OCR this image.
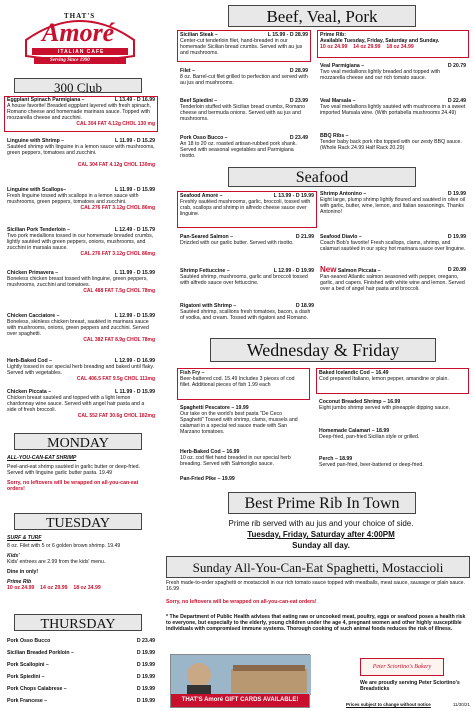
THAT'S
Amoré
ITALIAN CAFE
Serving Since 1990
300 Club
Eggplant Spinach Parmigiana –	L 13.49 - D 16.99
A house favorite! Breaded eggplant layered with fresh spinach, Romano cheese and homemade marinara sauce. Topped with mozzarella cheese and zucchini.
CAL 304 FAT 4.12g CHOL 130 mg
Linguine with Shrimp –	L 11.99 - D 15.29
Sautéed shrimp with linguine in a lemon sauce with mushrooms, green peppers, tomatoes and zucchini.
CAL 304 FAT 4.12g CHOL 130mg
Linguine with Scallops–	L 11.99 - D 15.99
Fresh linguine tossed with scallops in a lemon sauce with mushrooms, green peppers, tomatoes and zucchini.
CAL 276 FAT 3.12g CHOL 86mg
Sicilian Pork Tenderloin –	L 12.49 - D 15.79
Two pork medallions tossed in our homemade breaded crumbs, lightly sautéed with green peppers, onions, mushrooms, and zucchini in marsala sauce.
CAL 276 FAT 3.12g CHOL 86mg
Chicken Primavera –	L 11.99 - D 15.99
Boneless chicken breast tossed with linguine, green peppers, mushrooms, zucchini and tomatoes.
CAL 488 FAT 7.5g CHOL 78mg
Chicken Cacciatore –	L 12.99 - D 15.99
Boneless, skinless chicken breast, sautéed in marinara sauce with mushrooms, onions, green peppers and zucchini. Served over spaghetti.
CAL 382 FAT 8.9g CHOL 78mg
Herb-Baked Cod –	L 12.99 - D 16.99
Lightly tossed in our special herb breading and baked until flaky. Served with vegetables.
CAL 406.5 FAT 9.5g CHOL 111mg
Chicken Piccata –	L 11.99 - D 15.99
Chicken breast sautéed and topped with a light lemon chardonnay wine sauce. Served with angel hair pasta and a side of fresh broccoli.
CAL 552 FAT 30.6g CHOL 182mg
MONDAY
ALL-YOU-CAN-EAT SHRIMP
Peel-and-eat shrimp sautéed in garlic butter or deep-fried. Served with linguine garlic butter pasta. 19.49
Sorry, no leftovers will be wrapped on all-you-can-eat orders!
TUESDAY
SURF & TURF
8 oz. Filet with 5 or 6 golden brown shrimp. 19.49
Kids'
Kids' entrees are 2.99 from the kids' menu.
Dine in only!
Prime Rib
10 oz 24.99    14 oz 29.99    18 oz 34.99
THURSDAY
Pork Osso Bucco	D 23.49
Sicilian Breaded Porkloin –	D 19.99
Pork Scallopini –	D 19.99
Pork Spiedini –	D 19.99
Pork Chops Calabrese –	D 19.99
Pork Francese –	D 19.99
Beef, Veal, Pork
Sicilian Steak –	L 15.99 - D 28.99
Center-cut tenderloin filet, hand-breaded in our homemade Sicilian bread crumbs. Served with au jus and mushrooms.
Filet –	D 28.99
8 oz. Barrel-cut filet grilled to perfection and served with au jus and mushrooms.
Beef Spiedini –	D 23.99
Tenderloin stuffed with Sicilian bread crumbs, Romano cheese and bermuda onions. Served with au jus and mushrooms.
Pork Osso Bucco –	D 23.49
An 18 to 20 oz. roasted artisan-rubbed pork shank. Served with seasonal vegetables and Parmigiana risotto.
Prime Rib:
Available Tuesday, Friday, Saturday and Sunday.
10 oz 24.99    14 oz 29.99    18 oz 34.99
Veal Parmigiana –	D 20.79
Two veal medallions lightly breaded and topped with mozzarella cheese and our rich tomato sauce.
Veal Marsala –	D 22.49
Two veal medallions lightly sautéed with mushrooms in a sweet imported Marsala wine. (With portabella mushrooms 24.49)
BBQ Ribs –
Tender baby back pork ribs topped with our zesty BBQ sauce. (Whole Rack 24.99 Half Rack 20.29)
Seafood
Seafood Amoré –	L 13.99 - D 19.99
Freshly sautéed mushrooms, garlic, broccoli, tossed with crab, scallops and shrimp in alfredo cheese sauce over linguine.
Pan-Seared Salmon –	D 21.99
Drizzled with our garlic butter. Served with risotto.
Shrimp Fettuccine –	L 12.99 - D 19.99
Sautéed shrimp, mushrooms, garlic and broccoli tossed with alfredo sauce over fettuccine.
Rigatoni with Shrimp –	D 18.99
Sautéed shrimp, scallions fresh tomatoes, bacon, a dash of vodka, and cream. Tossed with rigatoni and Romano.
Shrimp Antonino –	D 19.99
Eight large, plump shrimp lightly floured and sautéed in olive oil with garlic, butter, wine, lemon, and Italian seasonings. Thanks Antonino!
Seafood Diavlo –	D 19.99
Coach Bob's favorite! Fresh scallops, clams, shrimp, and calamari sautéed in our spicy hot marinara sauce over linguine.
New Salmon Piccata –	D 20.99
Pan-seared Atlantic salmon seasoned with pepper, oregano, garlic, and capers. Finished with white wine and lemon. Served over a bed of angel hair pasta and broccoli.
Wednesday & Friday
Fish Fry –
Beer-battered cod. 15.49 Includes 3 pieces of cod fillet. Additional pieces of fish 1.99 each
Spaghetti Pescatore – 19.99
Our take on the world's best pasta "De Ceco Spaghetti" Tossed with shrimp, clams, mussels and calamari in a special red sauce made with San Marzano tomatoes.
Herb-Baked Cod – 16.99
10 oz. cod filet hand breaded in our special herb breading. Served with Salmoriglio sauce.
Pan-Fried Pike – 19.99
Baked Icelandic Cod – 16.49
Cod prepared Italiano, lemon pepper, amandine or plain.
Coconut Breaded Shrimp – 16.99
Eight jumbo shrimp served with pineapple dipping sauce.
Homemade Calamari – 18.99
Deep-fried, pan-fried Sicilian style or grilled.
Perch – 18.99
Served pan-fried, beer-battered or deep-fried.
Best Prime Rib In Town
Prime rib served with au jus and your choice of side.
Tuesday, Friday, Saturday after 4:00PM
Sunday all day.
Sunday All-You-Can-Eat Spaghetti, Mostaccioli
Fresh made-to-order spaghetti or mostaccioli in our rich tomato sauce topped with meatballs, meat sauce, sausage or plain sauce. 16.99
Sorry, no leftovers will be wrapped on all-you-can-eat orders!
* The Department of Public Health advises that eating raw or uncooked meat, poultry, eggs or seafood poses a health risk to everyone, but especially to the elderly, young children under the age 4, pregnant women and other highly susceptible individuals with compromised immune systems. Thorough cooking of such animal foods reduces the risk of illness.
THAT'S Amoré GIFT CARDS AVAILABLE!
Peter Sciortino's Bakery
We are proudly serving Peter Sciortino's Breadsticks
Prices subject to change without notice	11/30/21
